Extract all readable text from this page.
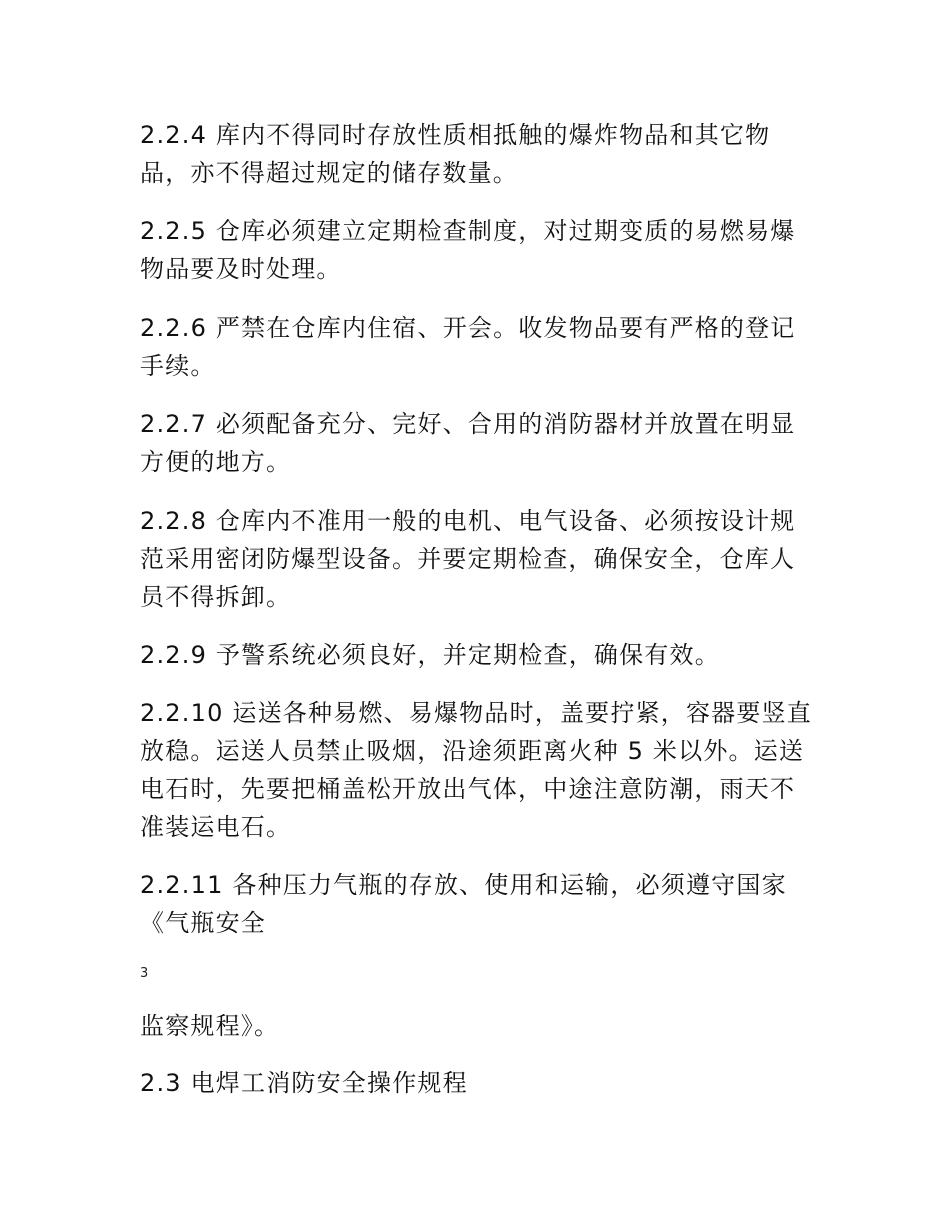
2.2.4 库内不得同时存放性质相抵触的爆炸物品和其它物品，亦不得超过规定的储存数量。

2.2.5 仓库必须建立定期检查制度，对过期变质的易燃易爆物品要及时处理。

2.2.6 严禁在仓库内住宿、开会。收发物品要有严格的登记手续。

2.2.7 必须配备充分、完好、合用的消防器材并放置在明显方便的地方。

2.2.8 仓库内不准用一般的电机、电气设备、必须按设计规范采用密闭防爆型设备。并要定期检查，确保安全，仓库人员不得拆卸。

2.2.9 予警系统必须良好，并定期检查，确保有效。

2.2.10 运送各种易燃、易爆物品时，盖要拧紧，容器要竖直放稳。运送人员禁止吸烟，沿途须距离火种 5 米以外。运送电石时，先要把桶盖松开放出气体，中途注意防潮，雨天不准装运电石。

2.2.11 各种压力气瓶的存放、使用和运输，必须遵守国家《气瓶安全

3

监察规程》。

2.3 电焊工消防安全操作规程
